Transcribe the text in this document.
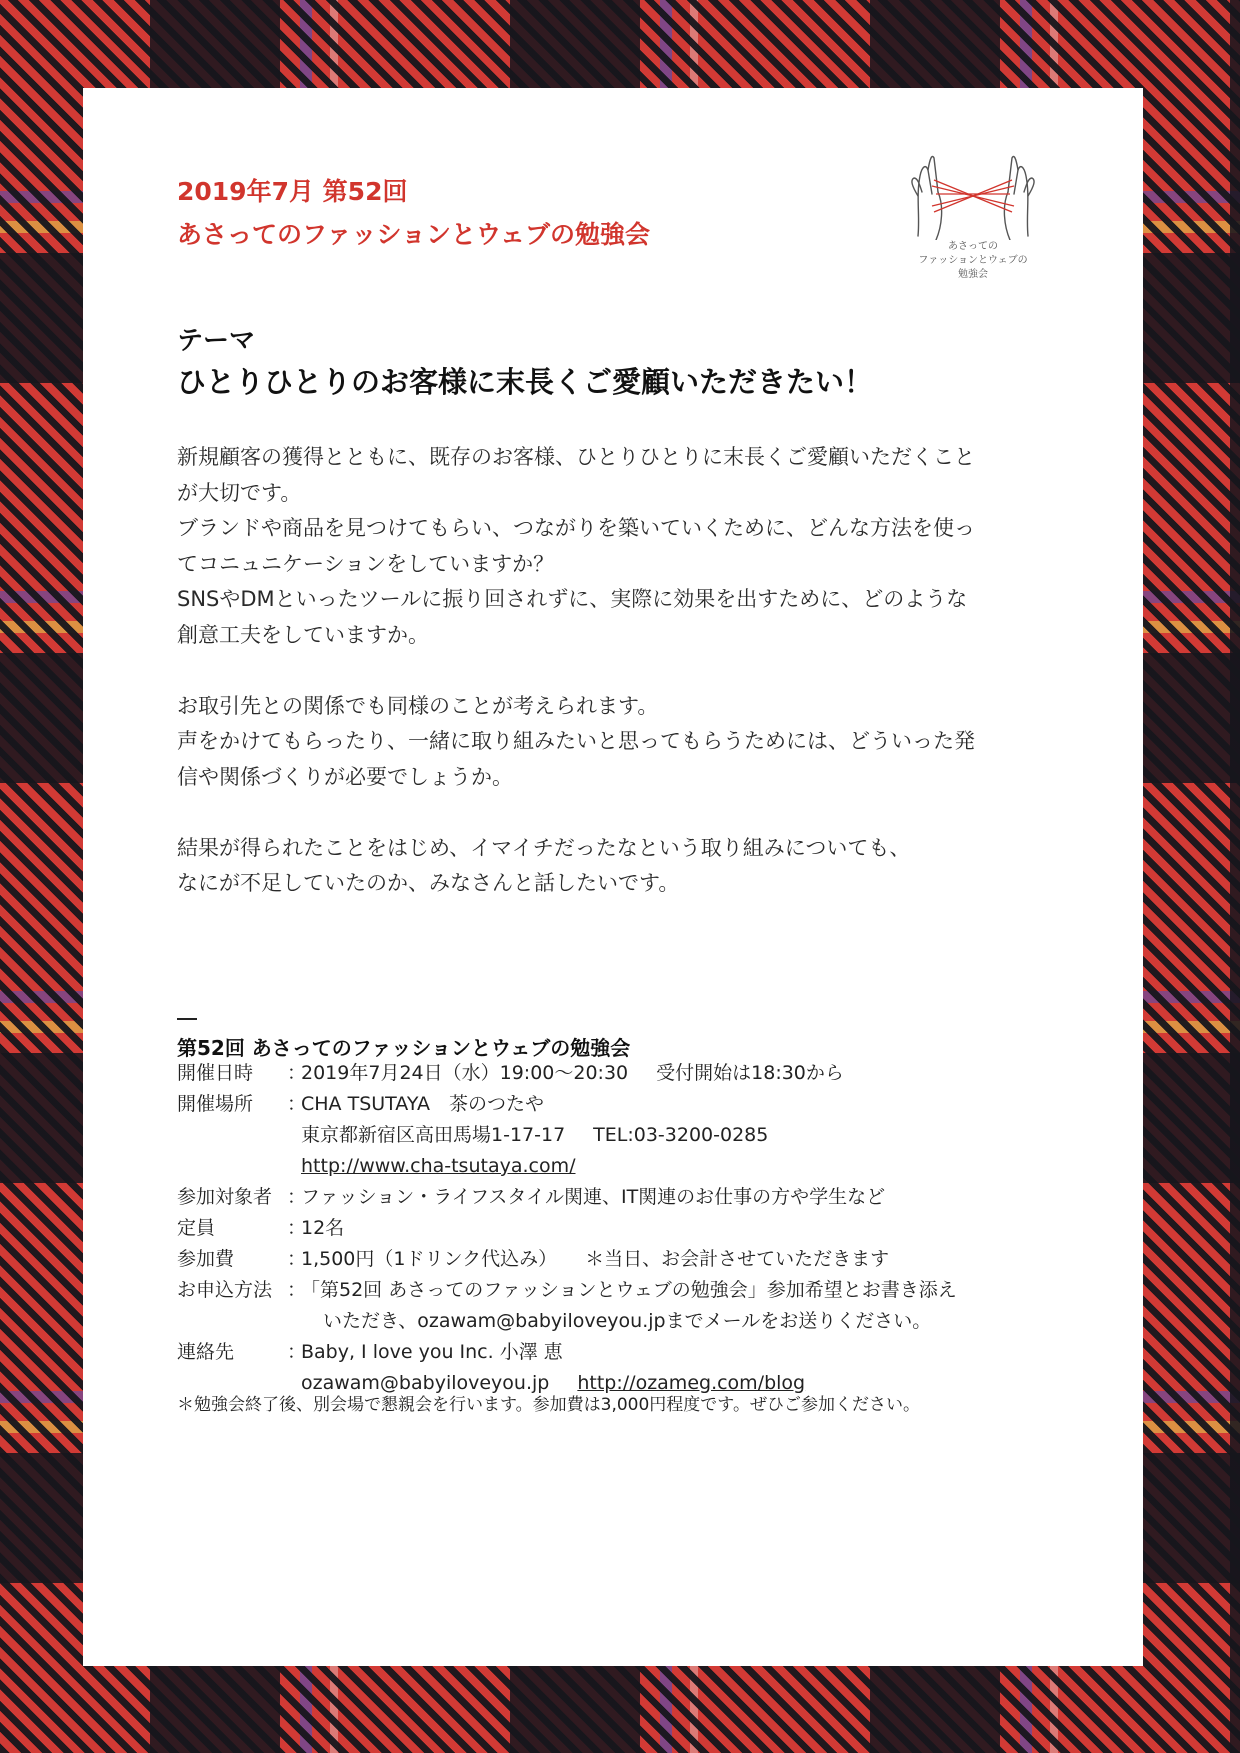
2019年7月 第52回
あさってのファッションとウェブの勉強会	あさっての
ファッションとウェブの
勉強会
テーマ
ひとりひとりのお客様に末長くご愛顧いただきたい！

新規顧客の獲得とともに、既存のお客様、ひとりひとりに末長くご愛顧いただくこと

が大切です。

ブランドや商品を見つけてもらい、つながりを築いていくために、どんな方法を使っ

てコニュニケーションをしていますか？

SNSやDMといったツールに振り回されずに、実際に効果を出すために、どのような

創意工夫をしていますか。

お取引先との関係でも同様のことが考えられます。

声をかけてもらったり、一緒に取り組みたいと思ってもらうためには、どういった発

信や関係づくりが必要でしょうか。

結果が得られたことをはじめ、イマイチだったなという取り組みについても、

なにが不足していたのか、みなさんと話したいです。

第52回 あさってのファッションとウェブの勉強会
開催日時	：
2019年7月24日（水）19:00〜20:30 受付開始は18:30から
開催場所	：
CHA TSUTAYA　茶のつたや
東京都新宿区高田馬場1-17-17 TEL:03-3200-0285
http://www.cha-tsutaya.com/
参加対象者 ：
ファッション・ライフスタイル関連、IT関連のお仕事の方や学生など
定員	：
12名
参加費	：
1,500円（1ドリンク代込み） ＊当日、お会計させていただきます
お申込方法 ：
「第52回 あさってのファッションとウェブの勉強会」参加希望とお書き添え
いただき、ozawam@babyiloveyou.jpまでメールをお送りください。
連絡先	：
Baby, I love you Inc. 小澤 恵
ozawam@babyiloveyou.jp http://ozameg.com/blog
＊勉強会終了後、別会場で懇親会を行います。参加費は3,000円程度です。ぜひご参加ください。
